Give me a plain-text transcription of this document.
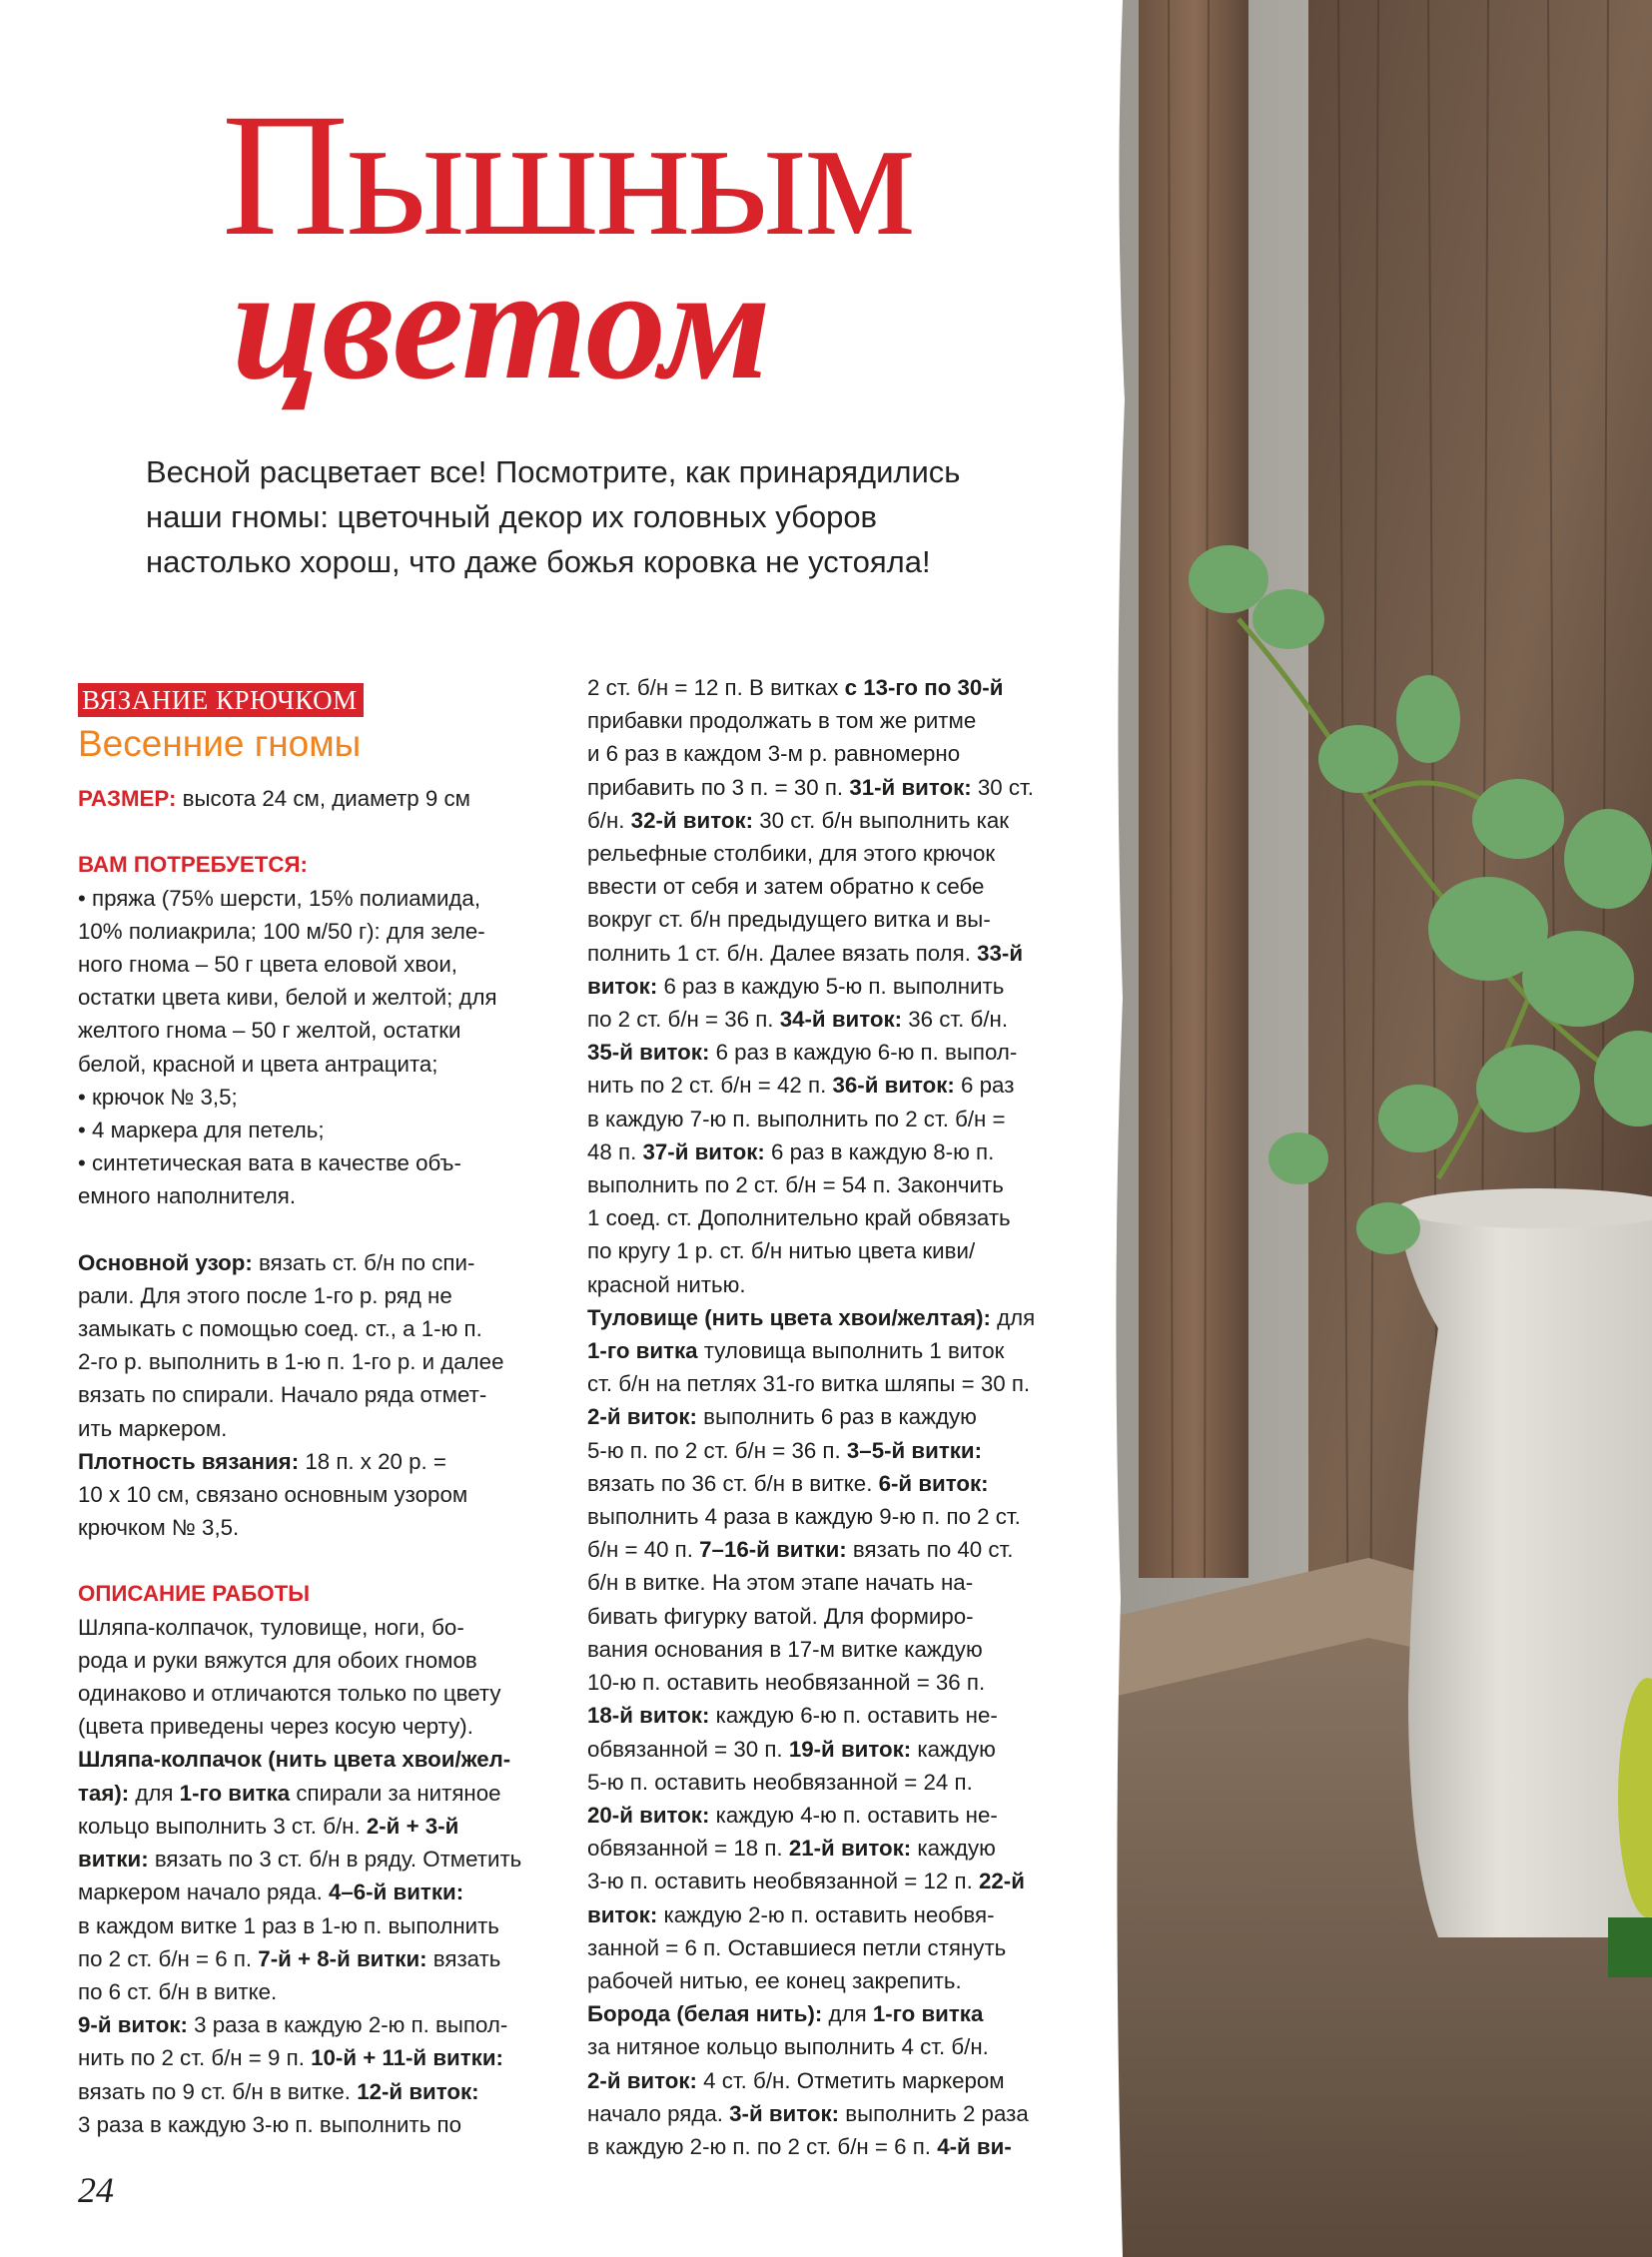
Пышным
цветом
Весной расцветает все! Посмотрите, как принарядились
наши гномы: цветочный декор их головных уборов
настолько хорош, что даже божья коровка не устояла!
ВЯЗАНИЕ КРЮЧКОМ
Весенние гномы
РАЗМЕР: высота 24 см, диаметр 9 см
ВАМ ПОТРЕБУЕТСЯ:
• пряжа (75% шерсти, 15% полиамида,
10% полиакрила; 100 м/50 г): для зеле-
ного гнома – 50 г цвета еловой хвои,
остатки цвета киви, белой и желтой; для
желтого гнома – 50 г желтой, остатки
белой, красной и цвета антрацита;
• крючок № 3,5;
• 4 маркера для петель;
• синтетическая вата в качестве объ-
емного наполнителя.
Основной узор: вязать ст. б/н по спи-
рали. Для этого после 1-го р. ряд не
замыкать с помощью соед. ст., а 1-ю п.
2-го р. выполнить в 1-ю п. 1-го р. и далее
вязать по спирали. Начало ряда отмет-
ить маркером.
Плотность вязания: 18 п. х 20 р. =
10 х 10 см, связано основным узором
крючком № 3,5.
ОПИСАНИЕ РАБОТЫ
Шляпа-колпачок, туловище, ноги, бо-
рода и руки вяжутся для обоих гномов
одинаково и отличаются только по цвету
(цвета приведены через косую черту).
Шляпа-колпачок (нить цвета хвои/жел-
тая): для 1-го витка спирали за нитяное
кольцо выполнить 3 ст. б/н. 2-й + 3-й
витки: вязать по 3 ст. б/н в ряду. Отметить
маркером начало ряда. 4–6-й витки:
в каждом витке 1 раз в 1-ю п. выполнить
по 2 ст. б/н = 6 п. 7-й + 8-й витки: вязать
по 6 ст. б/н в витке.
9-й виток: 3 раза в каждую 2-ю п. выпол-
нить по 2 ст. б/н = 9 п. 10-й + 11-й витки:
вязать по 9 ст. б/н в витке. 12-й виток:
3 раза в каждую 3-ю п. выполнить по
2 ст. б/н = 12 п. В витках с 13-го по 30-й
прибавки продолжать в том же ритме
и 6 раз в каждом 3-м р. равномерно
прибавить по 3 п. = 30 п. 31-й виток: 30 ст.
б/н. 32-й виток: 30 ст. б/н выполнить как
рельефные столбики, для этого крючок
ввести от себя и затем обратно к себе
вокруг ст. б/н предыдущего витка и вы-
полнить 1 ст. б/н. Далее вязать поля. 33-й
виток: 6 раз в каждую 5-ю п. выполнить
по 2 ст. б/н = 36 п. 34-й виток: 36 ст. б/н.
35-й виток: 6 раз в каждую 6-ю п. выпол-
нить по 2 ст. б/н = 42 п. 36-й виток: 6 раз
в каждую 7-ю п. выполнить по 2 ст. б/н =
48 п. 37-й виток: 6 раз в каждую 8-ю п.
выполнить по 2 ст. б/н = 54 п. Закончить
1 соед. ст. Дополнительно край обвязать
по кругу 1 р. ст. б/н нитью цвета киви/
красной нитью.
Туловище (нить цвета хвои/желтая): для
1-го витка туловища выполнить 1 виток
ст. б/н на петлях 31-го витка шляпы = 30 п.
2-й виток: выполнить 6 раз в каждую
5-ю п. по 2 ст. б/н = 36 п. 3–5-й витки:
вязать по 36 ст. б/н в витке. 6-й виток:
выполнить 4 раза в каждую 9-ю п. по 2 ст.
б/н = 40 п. 7–16-й витки: вязать по 40 ст.
б/н в витке. На этом этапе начать на-
бивать фигурку ватой. Для формиро-
вания основания в 17-м витке каждую
10-ю п. оставить необвязанной = 36 п.
18-й виток: каждую 6-ю п. оставить не-
обвязанной = 30 п. 19-й виток: каждую
5-ю п. оставить необвязанной = 24 п.
20-й виток: каждую 4-ю п. оставить не-
обвязанной = 18 п. 21-й виток: каждую
3-ю п. оставить необвязанной = 12 п. 22-й
виток: каждую 2-ю п. оставить необвя-
занной = 6 п. Оставшиеся петли стянуть
рабочей нитью, ее конец закрепить.
Борода (белая нить): для 1-го витка
за нитяное кольцо выполнить 4 ст. б/н.
2-й виток: 4 ст. б/н. Отметить маркером
начало ряда. 3-й виток: выполнить 2 раза
в каждую 2-ю п. по 2 ст. б/н = 6 п. 4-й ви-
24
